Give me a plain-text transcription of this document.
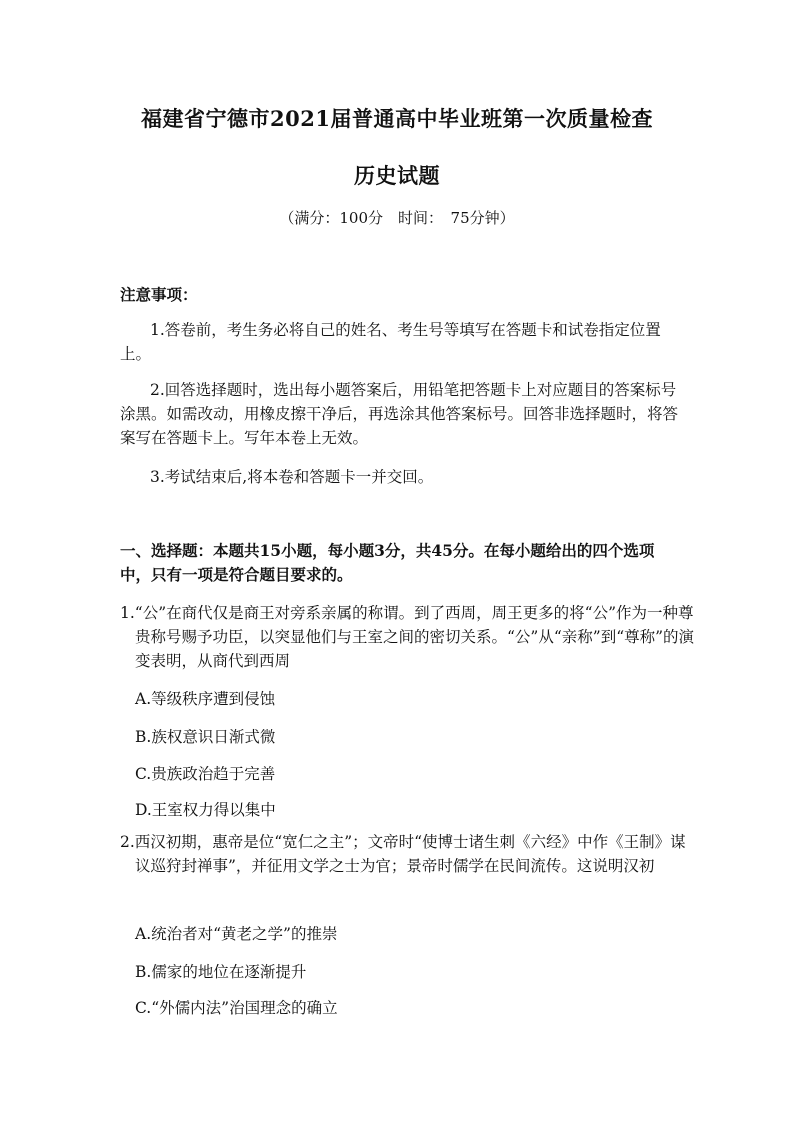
福建省宁德市2021届普通高中毕业班第一次质量检查
历史试题
（满分：100分　时间：　75分钟）
注意事项：
1.答卷前，考生务必将自己的姓名、考生号等填写在答题卡和试卷指定位置上。
2.回答选择题时，选出每小题答案后，用铅笔把答题卡上对应题目的答案标号涂黑。如需改动，用橡皮擦干净后，再选涂其他答案标号。回答非选择题时，将答案写在答题卡上。写年本卷上无效。
3.考试结束后,将本卷和答题卡一并交回。
一、选择题：本题共15小题，每小题3分，共45分。在每小题给出的四个选项中，只有一项是符合题目要求的。
1.“公”在商代仅是商王对旁系亲属的称谓。到了西周，周王更多的将“公”作为一种尊贵称号赐予功臣，以突显他们与王室之间的密切关系。“公”从“亲称”到“尊称”的演变表明，从商代到西周
A.等级秩序遭到侵蚀
B.族权意识日渐式微
C.贵族政治趋于完善
D.王室权力得以集中
2.西汉初期，惠帝是位“宽仁之主”；文帝时“使博士诸生刺《六经》中作《王制》谋议巡狩封禅事”，并征用文学之士为官；景帝时儒学在民间流传。这说明汉初
A.统治者对“黄老之学”的推崇
B.儒家的地位在逐渐提升
C.“外儒内法”治国理念的确立
